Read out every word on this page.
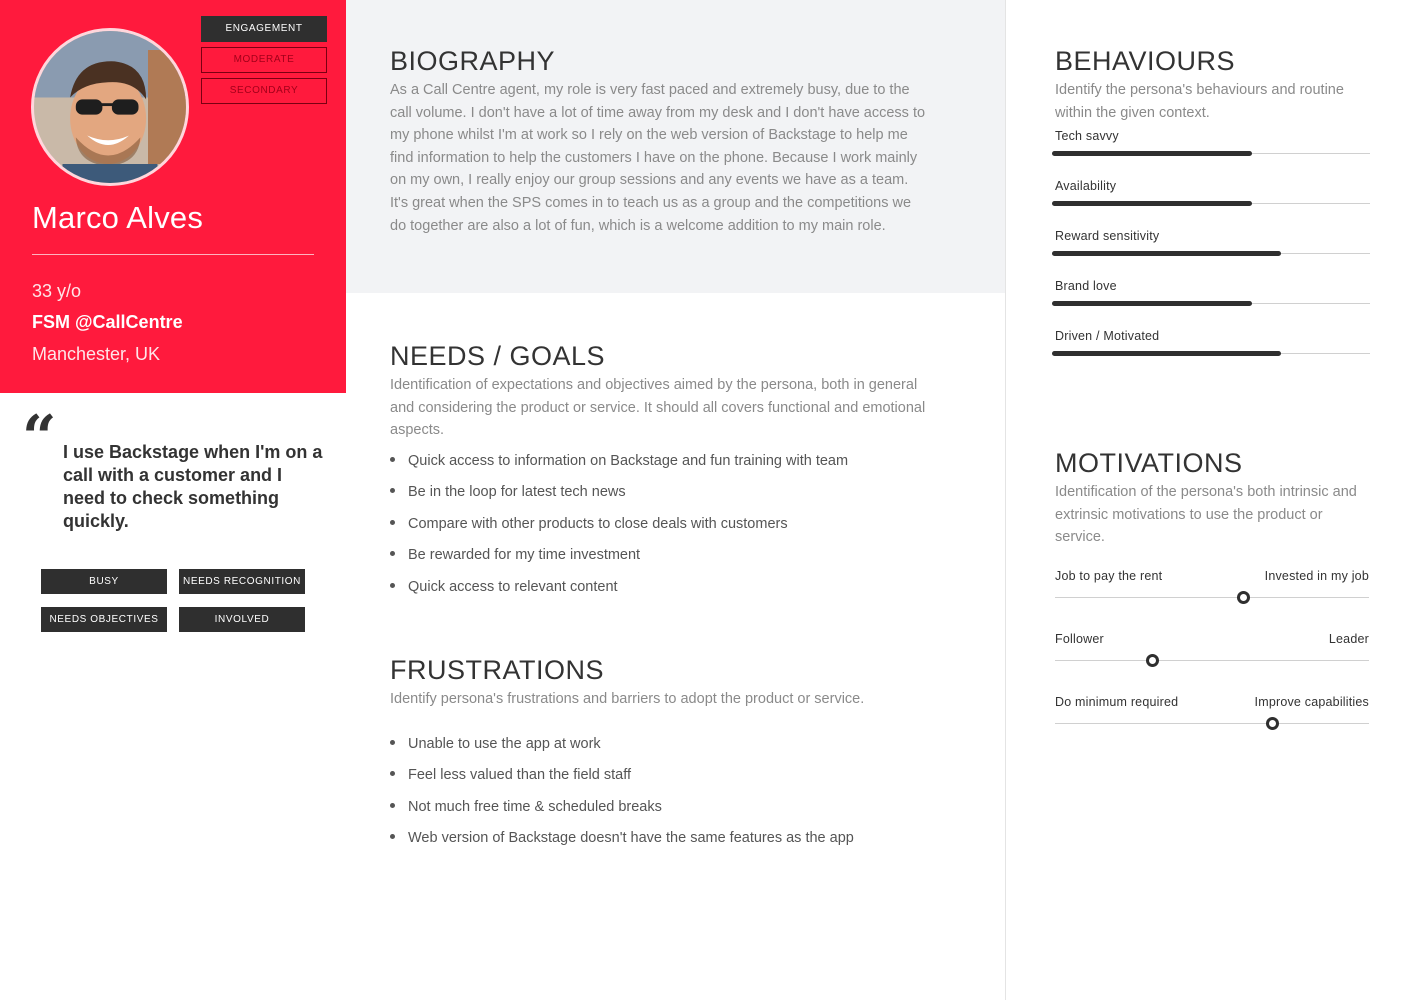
ENGAGEMENT
MODERATE
SECONDARY
Marco Alves
33 y/o
FSM @CallCentre
Manchester, UK
“ I use Backstage when I'm on a call with a customer and I need to check something quickly.
BUSY	NEEDS RECOGNITION
NEEDS OBJECTIVES	INVOLVED
BIOGRAPHY
As a Call Centre agent, my role is very fast paced and extremely busy, due to the call volume. I don't have a lot of time away from my desk and I don't have access to my phone whilst I'm at work so I rely on the web version of Backstage to help me find information to help the customers I have on the phone. Because I work mainly on my own, I really enjoy our group sessions and any events we have as a team. It's great when the SPS comes in to teach us as a group and the competitions we do together are also a lot of fun, which is a welcome addition to my main role.
NEEDS / GOALS
Identification of expectations and objectives aimed by the persona, both in general and considering the product or service. It should all covers functional and emotional aspects.
Quick access to information on Backstage and fun training with team
Be in the loop for latest tech news
Compare with other products to close deals with customers
Be rewarded for my time investment
Quick access to relevant content
FRUSTRATIONS
Identify persona's frustrations and barriers to adopt the product or service.
Unable to use the app at work
Feel less valued than the field staff
Not much free time & scheduled breaks
Web version of Backstage doesn't have the same features as the app
BEHAVIOURS
Identify the persona's behaviours and routine within the given context.
Tech savvy
Availability
Reward sensitivity
Brand love
Driven / Motivated
MOTIVATIONS
Identification of the persona's both intrinsic and extrinsic motivations to use the product or service.
Job to pay the rent	Invested in my job
Follower	Leader
Do minimum required	Improve capabilities
